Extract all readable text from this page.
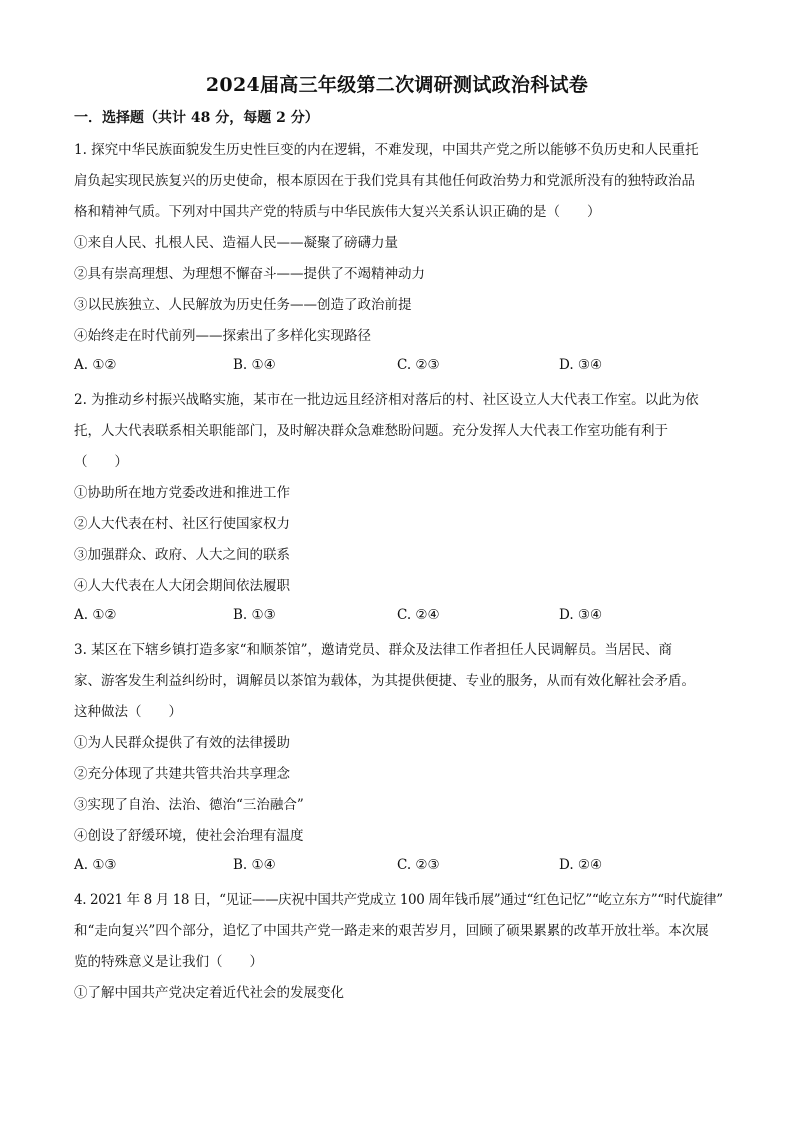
2024届高三年级第二次调研测试政治科试卷
一．选择题（共计 48 分，每题 2 分）
1. 探究中华民族面貌发生历史性巨变的内在逻辑，不难发现，中国共产党之所以能够不负历史和人民重托
肩负起实现民族复兴的历史使命，根本原因在于我们党具有其他任何政治势力和党派所没有的独特政治品
格和精神气质。下列对中国共产党的特质与中华民族伟大复兴关系认识正确的是（　　）
①来自人民、扎根人民、造福人民——凝聚了磅礴力量
②具有崇高理想、为理想不懈奋斗——提供了不竭精神动力
③以民族独立、人民解放为历史任务——创造了政治前提
④始终走在时代前列——探索出了多样化实现路径
A. ①②	B. ①④	C. ②③	D. ③④
2. 为推动乡村振兴战略实施，某市在一批边远且经济相对落后的村、社区设立人大代表工作室。以此为依
托，人大代表联系相关职能部门，及时解决群众急难愁盼问题。充分发挥人大代表工作室功能有利于
（　　）
①协助所在地方党委改进和推进工作
②人大代表在村、社区行使国家权力
③加强群众、政府、人大之间的联系
④人大代表在人大闭会期间依法履职
A. ①②	B. ①③	C. ②④	D. ③④
3. 某区在下辖乡镇打造多家“和顺茶馆”，邀请党员、群众及法律工作者担任人民调解员。当居民、商
家、游客发生利益纠纷时，调解员以茶馆为载体，为其提供便捷、专业的服务，从而有效化解社会矛盾。
这种做法（　　）
①为人民群众提供了有效的法律援助
②充分体现了共建共管共治共享理念
③实现了自治、法治、德治“三治融合”
④创设了舒缓环境，使社会治理有温度
A. ①③	B. ①④	C. ②③	D. ②④
4. 2021 年 8 月 18 日，“见证——庆祝中国共产党成立 100 周年钱币展”通过“红色记忆”“屹立东方”“时代旋律”
和“走向复兴”四个部分，追忆了中国共产党一路走来的艰苦岁月，回顾了硕果累累的改革开放壮举。本次展
览的特殊意义是让我们（　　）
①了解中国共产党决定着近代社会的发展变化
